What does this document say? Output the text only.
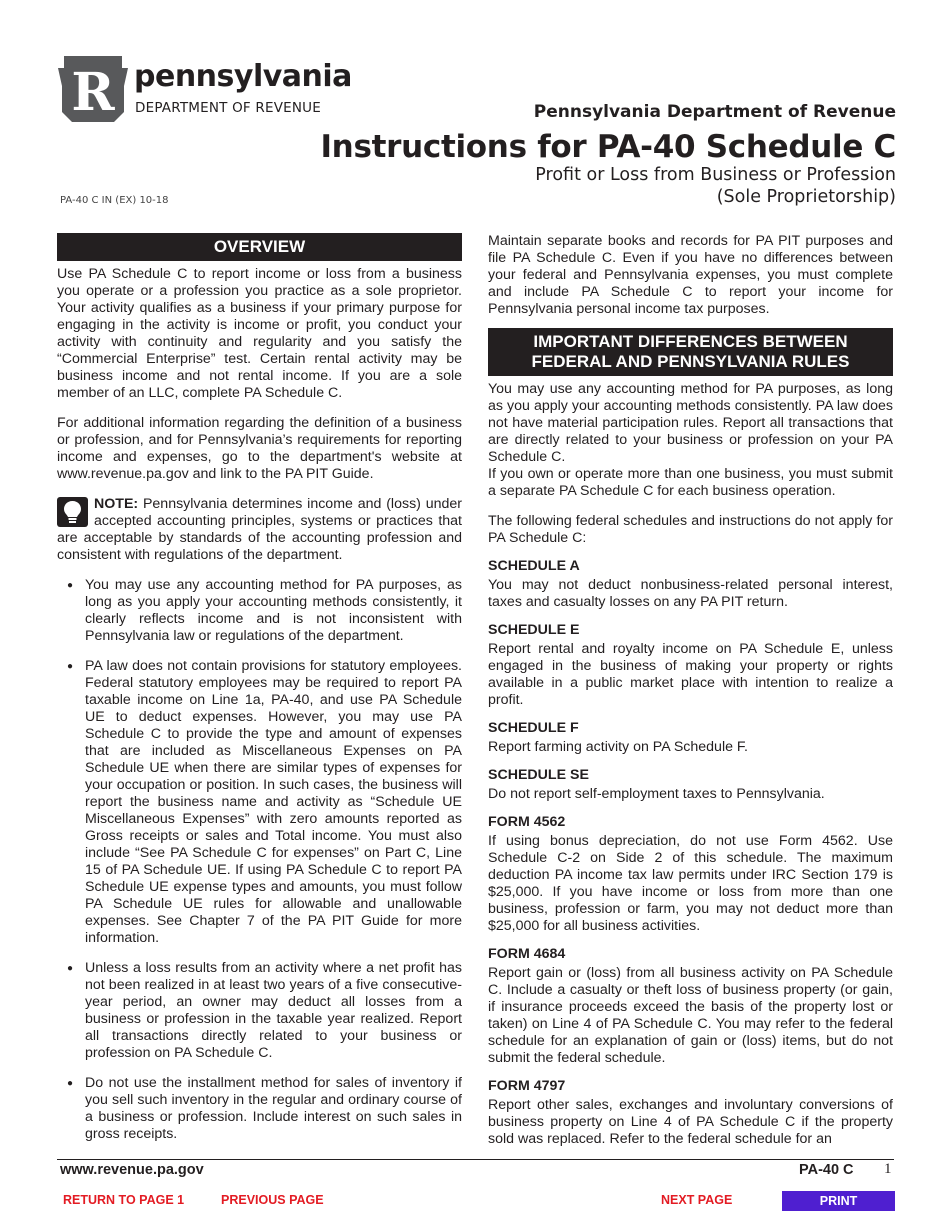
R pennsylvania
DEPARTMENT OF REVENUE	Pennsylvania Department of Revenue
Instructions for PA-40 Schedule C
Profit or Loss from Business or Profession
(Sole Proprietorship)
PA-40 C IN (EX) 10-18
OVERVIEW

Use PA Schedule C to report income or loss from a business you operate or a profession you practice as a sole proprietor. Your activity qualifies as a business if your primary purpose for engaging in the activity is income or profit, you conduct your activity with continuity and regularity and you satisfy the “Commercial Enterprise” test. Certain rental activity may be business income and not rental income. If you are a sole member of an LLC, complete PA Schedule C.

For additional information regarding the definition of a business or profession, and for Pennsylvania’s requirements for reporting income and expenses, go to the department's website at www.revenue.pa.gov and link to the PA PIT Guide.

NOTE: Pennsylvania determines income and (loss) under accepted accounting principles, systems or practices that are acceptable by standards of the accounting profession and consistent with regulations of the department.

● You may use any accounting method for PA purposes, as long as you apply your accounting methods consistently, it clearly reflects income and is not inconsistent with Pennsylvania law or regulations of the department.
● PA law does not contain provisions for statutory employees. Federal statutory employees may be required to report PA taxable income on Line 1a, PA-40, and use PA Schedule UE to deduct expenses. However, you may use PA Schedule C to provide the type and amount of expenses that are included as Miscellaneous Expenses on PA Schedule UE when there are similar types of expenses for your occupation or position. In such cases, the business will report the business name and activity as “Schedule UE Miscellaneous Expenses” with zero amounts reported as Gross receipts or sales and Total income. You must also include “See PA Schedule C for expenses” on Part C, Line 15 of PA Schedule UE. If using PA Schedule C to report PA Schedule UE expense types and amounts, you must follow PA Schedule UE rules for allowable and unallowable expenses. See Chapter 7 of the PA PIT Guide for more information.
● Unless a loss results from an activity where a net profit has not been realized in at least two years of a five consecutive-year period, an owner may deduct all losses from a business or profession in the taxable year realized. Report all transactions directly related to your business or profession on PA Schedule C.
● Do not use the installment method for sales of inventory if you sell such inventory in the regular and ordinary course of a business or profession. Include interest on such sales in gross receipts.

Maintain separate books and records for PA PIT purposes and file PA Schedule C. Even if you have no differences between your federal and Pennsylvania expenses, you must complete and include PA Schedule C to report your income for Pennsylvania personal income tax purposes.

IMPORTANT DIFFERENCES BETWEEN
FEDERAL AND PENNSYLVANIA RULES

You may use any accounting method for PA purposes, as long as you apply your accounting methods consistently. PA law does not have material participation rules. Report all transactions that are directly related to your business or profession on your PA Schedule C.

If you own or operate more than one business, you must submit a separate PA Schedule C for each business operation.

The following federal schedules and instructions do not apply for PA Schedule C:

SCHEDULE A

You may not deduct nonbusiness-related personal interest, taxes and casualty losses on any PA PIT return.

SCHEDULE E

Report rental and royalty income on PA Schedule E, unless engaged in the business of making your property or rights available in a public market place with intention to realize a profit.

SCHEDULE F

Report farming activity on PA Schedule F.

SCHEDULE SE

Do not report self-employment taxes to Pennsylvania.

FORM 4562

If using bonus depreciation, do not use Form 4562. Use Schedule C-2 on Side 2 of this schedule. The maximum deduction PA income tax law permits under IRC Section 179 is $25,000. If you have income or loss from more than one business, profession or farm, you may not deduct more than $25,000 for all business activities.

FORM 4684

Report gain or (loss) from all business activity on PA Schedule C. Include a casualty or theft loss of business property (or gain, if insurance proceeds exceed the basis of the property lost or taken) on Line 4 of PA Schedule C. You may refer to the federal schedule for an explanation of gain or (loss) items, but do not submit the federal schedule.

FORM 4797

Report other sales, exchanges and involuntary conversions of business property on Line 4 of PA Schedule C if the property sold was replaced. Refer to the federal schedule for an

www.revenue.pa.gov	PA-40 C 1
RETURN TO PAGE 1	PREVIOUS PAGE	NEXT PAGE	PRINT
